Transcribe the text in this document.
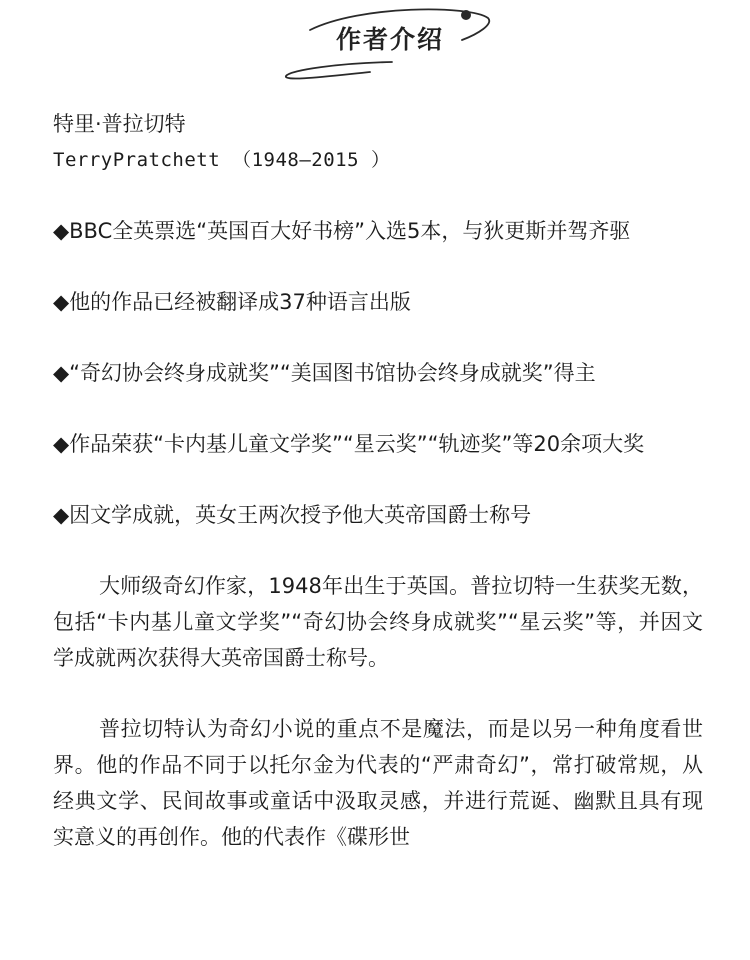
作者介绍

特里·普拉切特

TerryPratchett （1948—2015 ）

◆BBC全英票选“英国百大好书榜”入选5本，与狄更斯并驾齐驱

◆他的作品已经被翻译成37种语言出版

◆“奇幻协会终身成就奖”“美国图书馆协会终身成就奖”得主

◆作品荣获“卡内基儿童文学奖”“星云奖”“轨迹奖”等20余项大奖

◆因文学成就，英女王两次授予他大英帝国爵士称号

大师级奇幻作家，1948年出生于英国。普拉切特一生获奖无数，包括“卡内基儿童文学奖”“奇幻协会终身成就奖”“星云奖”等，并因文学成就两次获得大英帝国爵士称号。

普拉切特认为奇幻小说的重点不是魔法，而是以另一种角度看世界。他的作品不同于以托尔金为代表的“严肃奇幻”，常打破常规，从经典文学、民间故事或童话中汲取灵感，并进行荒诞、幽默且具有现实意义的再创作。他的代表作《碟形世
